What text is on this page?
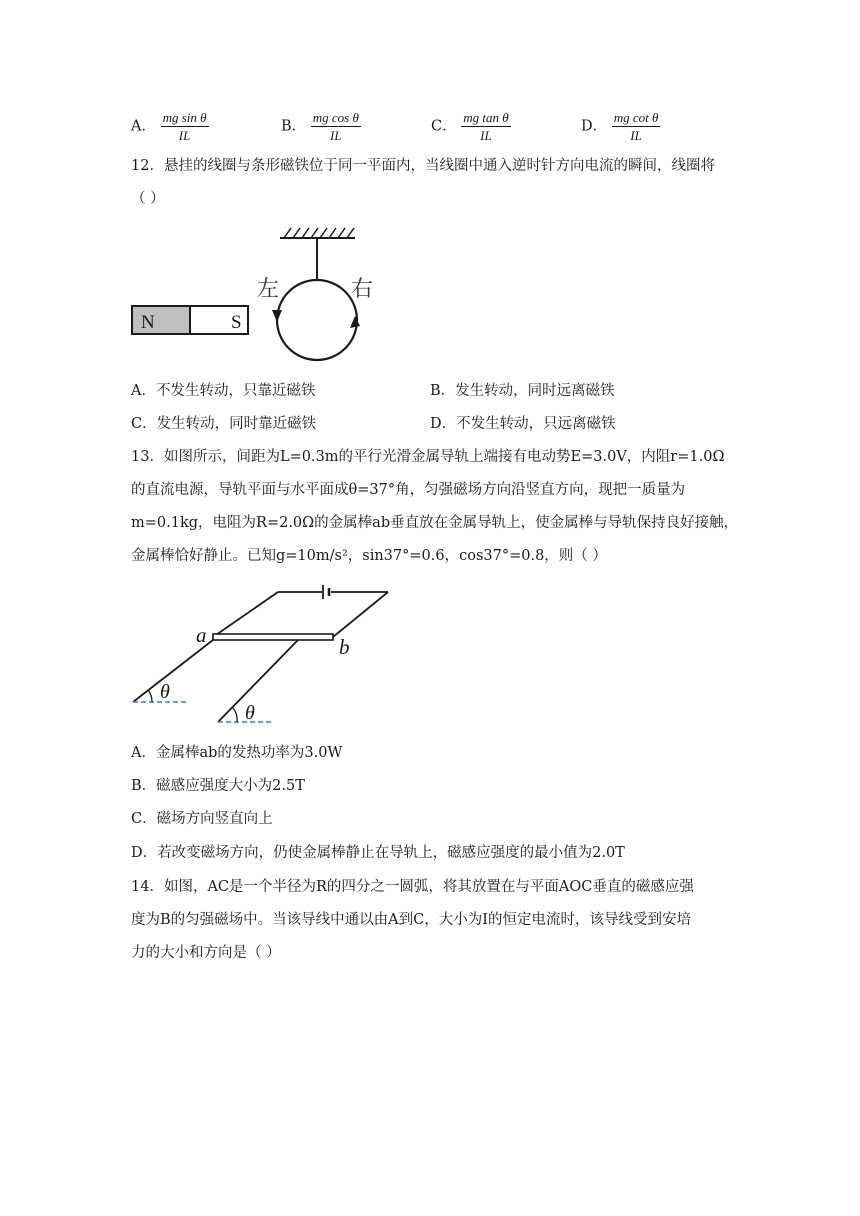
A． $\frac{\text{mg sin θ}}{IL}$	B． $\frac{\text{mg cos θ}}{IL}$	C． $\frac{\text{mg tan θ}}{IL}$	D． $\frac{\text{mg cot θ}}{IL}$
12．悬挂的线圈与条形磁铁位于同一平面内，当线圈中通入逆时针方向电流的瞬间，线圈将
（ ）
左	右
N	S
A．不发生转动，只靠近磁铁	B．发生转动，同时远离磁铁
C．发生转动，同时靠近磁铁	D．不发生转动，只远离磁铁
13．如图所示，间距为L=0.3m的平行光滑金属导轨上端接有电动势E=3.0V，内阻r=1.0Ω
的直流电源，导轨平面与水平面成θ=37°角，匀强磁场方向沿竖直方向，现把一质量为
m=0.1kg，电阻为R=2.0Ω的金属棒ab垂直放在金属导轨上，使金属棒与导轨保持良好接触，
金属棒恰好静止。已知g=10m/s²，sin37°=0.6，cos37°=0.8，则（ ）
a	b
θ
θ
A．金属棒ab的发热功率为3.0W
B．磁感应强度大小为2.5T
C．磁场方向竖直向上
D．若改变磁场方向，仍使金属棒静止在导轨上，磁感应强度的最小值为2.0T
14．如图，AC是一个半径为R的四分之一圆弧，将其放置在与平面AOC垂直的磁感应强
度为B的匀强磁场中。当该导线中通以由A到C，大小为I的恒定电流时，该导线受到安培
力的大小和方向是（ ）
